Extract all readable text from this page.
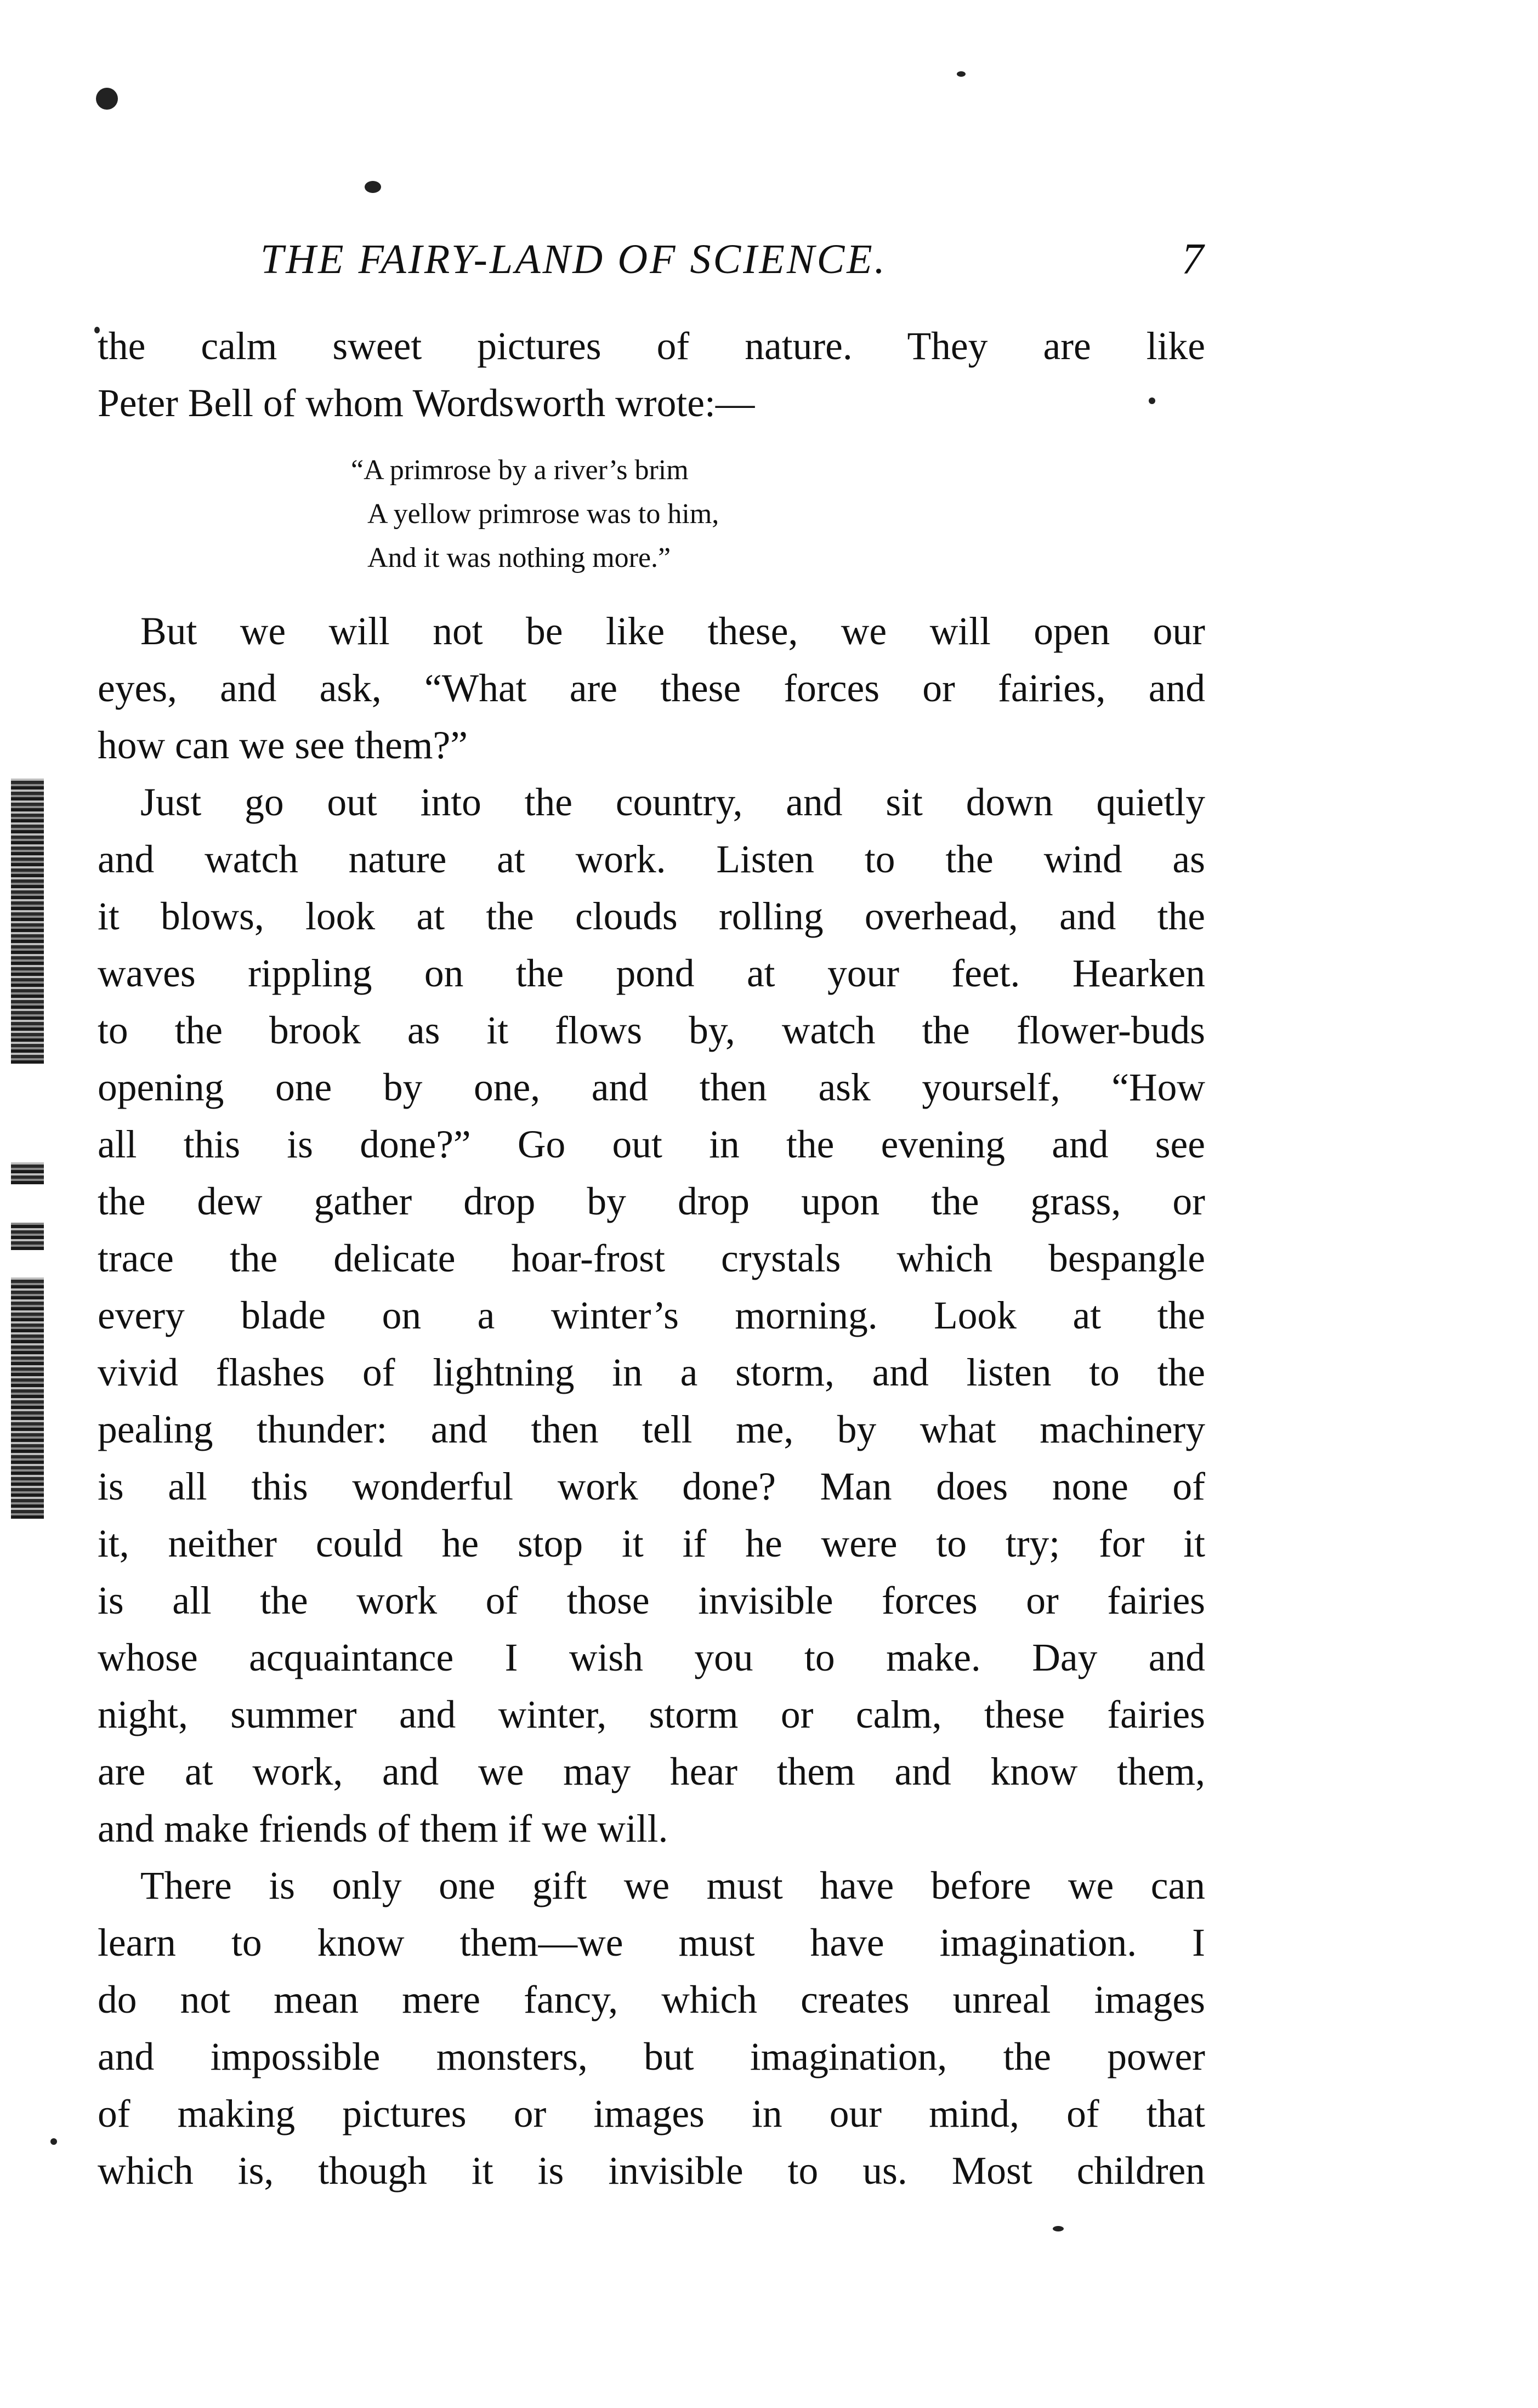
THE FAIRY-LAND OF SCIENCE.	7
the calm sweet pictures of nature. They are like
Peter Bell of whom Wordsworth wrote:—
“A primrose by a river’s brim
A yellow primrose was to him,
And it was nothing more.”
But we will not be like these, we will open our
eyes, and ask, “What are these forces or fairies, and
how can we see them?”
Just go out into the country, and sit down quietly
and watch nature at work. Listen to the wind as
it blows, look at the clouds rolling overhead, and the
waves rippling on the pond at your feet. Hearken
to the brook as it flows by, watch the flower-buds
opening one by one, and then ask yourself, “How
all this is done?” Go out in the evening and see
the dew gather drop by drop upon the grass, or
trace the delicate hoar-frost crystals which bespangle
every blade on a winter’s morning. Look at the
vivid flashes of lightning in a storm, and listen to the
pealing thunder: and then tell me, by what machinery
is all this wonderful work done? Man does none of
it, neither could he stop it if he were to try; for it
is all the work of those invisible forces or fairies
whose acquaintance I wish you to make. Day and
night, summer and winter, storm or calm, these fairies
are at work, and we may hear them and know them,
and make friends of them if we will.
There is only one gift we must have before we can
learn to know them—we must have imagination. I
do not mean mere fancy, which creates unreal images
and impossible monsters, but imagination, the power
of making pictures or images in our mind, of that
which is, though it is invisible to us. Most children
